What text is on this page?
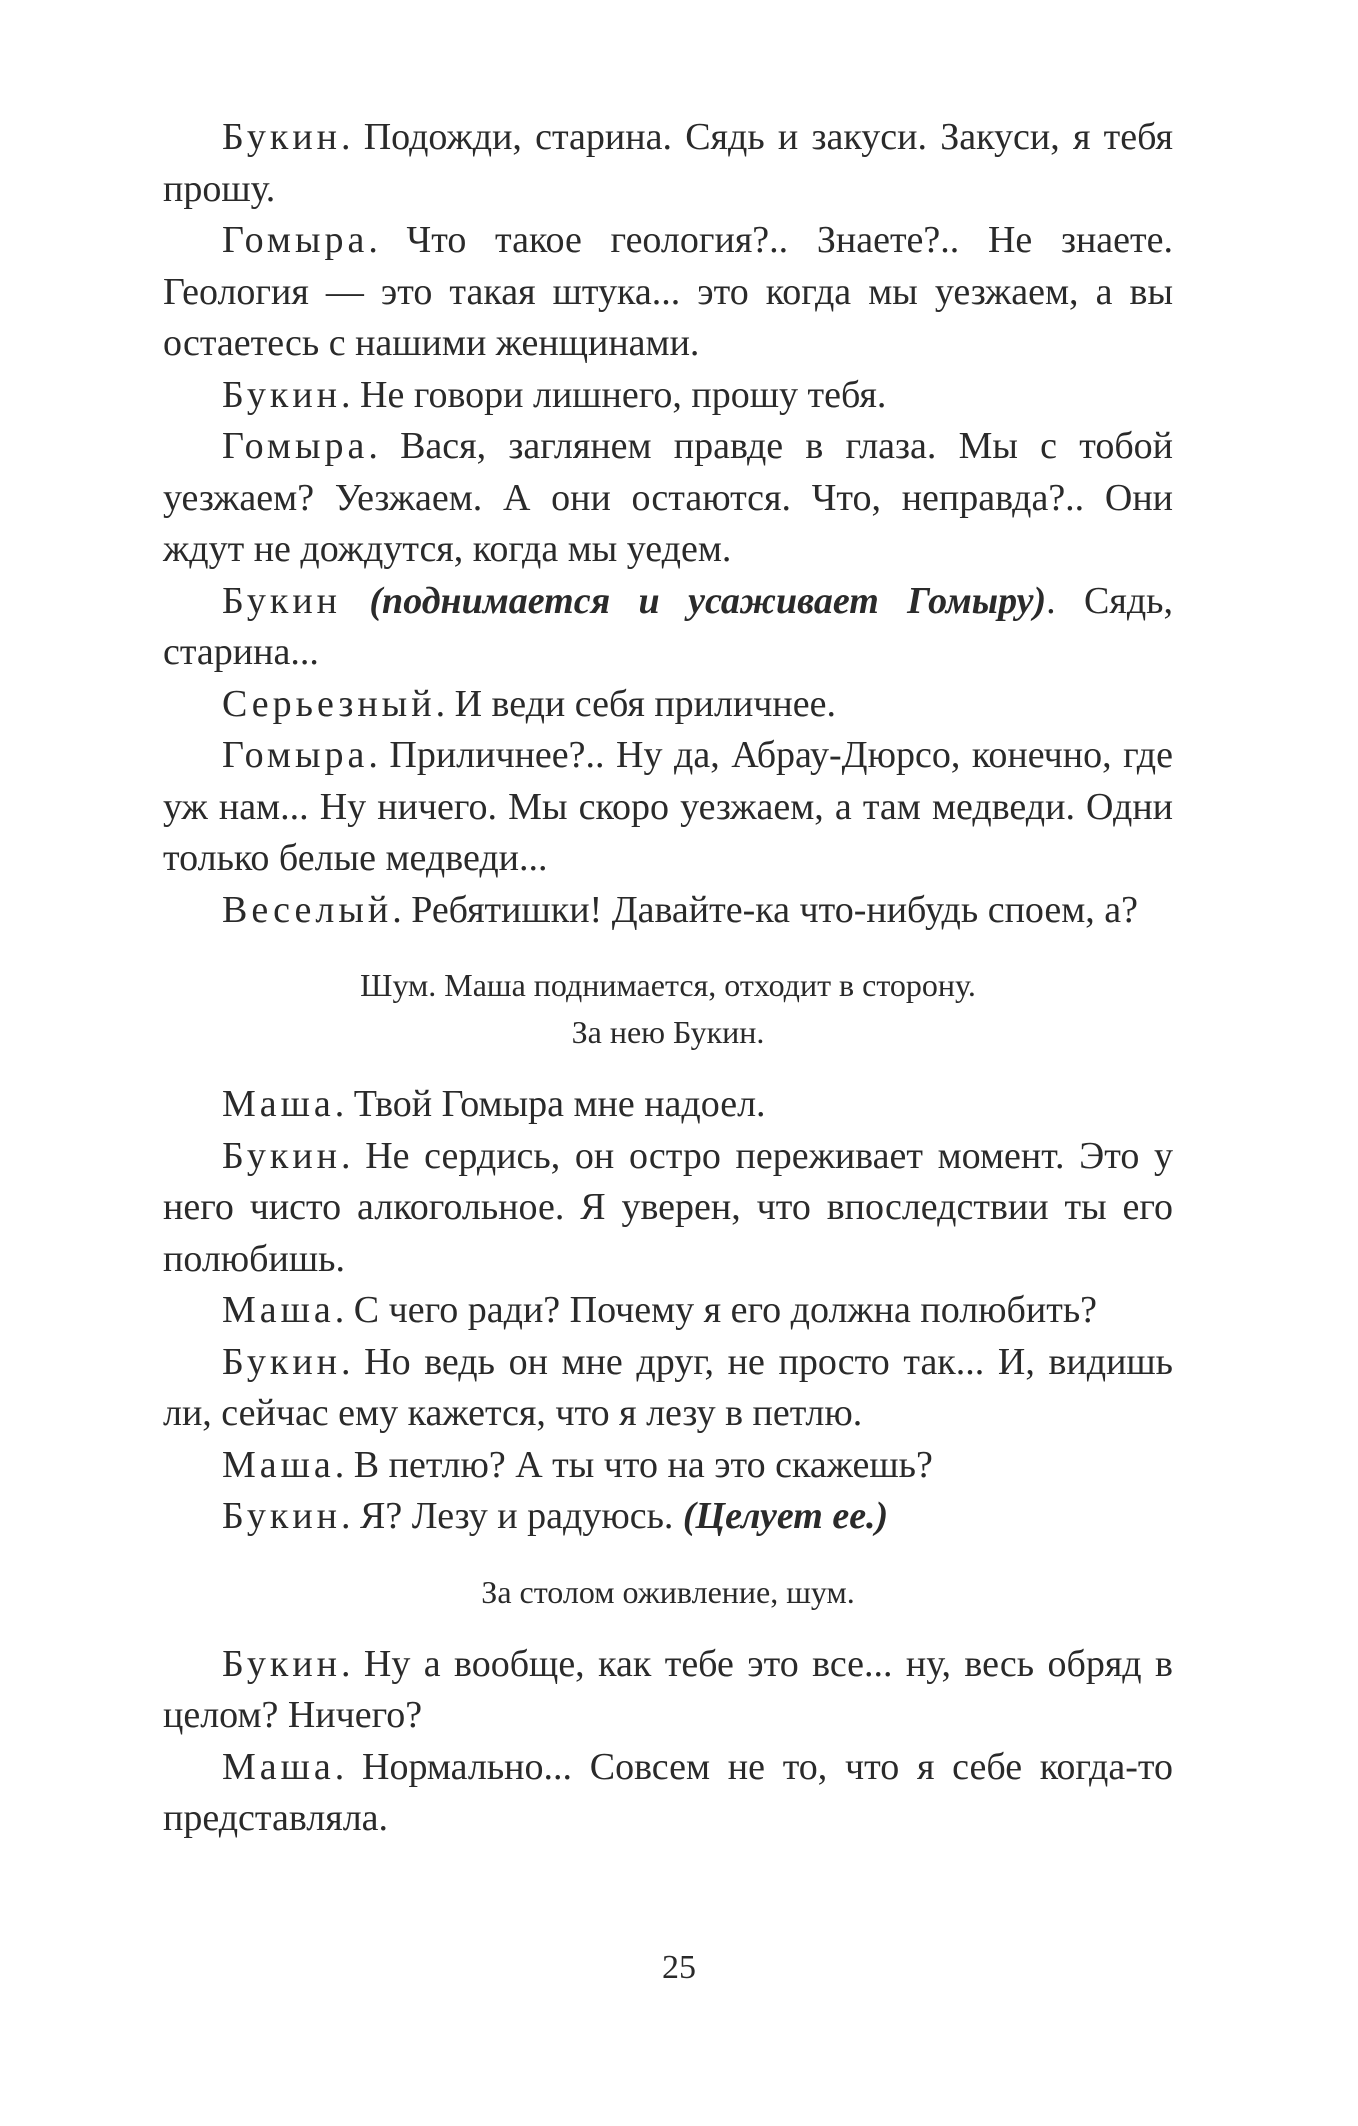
Букин. Подожди, старина. Сядь и закуси. Закуси, я тебя прошу.

Гомыра. Что такое геология?.. Знаете?.. Не знаете. Геология — это такая штука... это когда мы уезжаем, а вы остаетесь с нашими женщинами.

Букин. Не говори лишнего, прошу тебя.

Гомыра. Вася, заглянем правде в глаза. Мы с тобой уезжаем? Уезжаем. А они остаются. Что, неправда?.. Они ждут не дождутся, когда мы уедем.

Букин (поднимается и усаживает Гомыру). Сядь, старина...

Серьезный. И веди себя приличнее.

Гомыра. Приличнее?.. Ну да, Абрау-Дюрсо, конечно, где уж нам... Ну ничего. Мы скоро уезжаем, а там медведи. Одни только белые медведи...

Веселый. Ребятишки! Давайте-ка что-нибудь споем, а?

Шум. Маша поднимается, отходит в сторону.
За нею Букин.

Маша. Твой Гомыра мне надоел.

Букин. Не сердись, он остро переживает момент. Это у него чисто алкогольное. Я уверен, что впоследствии ты его полюбишь.

Маша. С чего ради? Почему я его должна полюбить?

Букин. Но ведь он мне друг, не просто так... И, видишь ли, сейчас ему кажется, что я лезу в петлю.

Маша. В петлю? А ты что на это скажешь?

Букин. Я? Лезу и радуюсь. (Целует ее.)

За столом оживление, шум.

Букин. Ну а вообще, как тебе это все... ну, весь обряд в целом? Ничего?

Маша. Нормально... Совсем не то, что я себе когда-то представляла.

25
